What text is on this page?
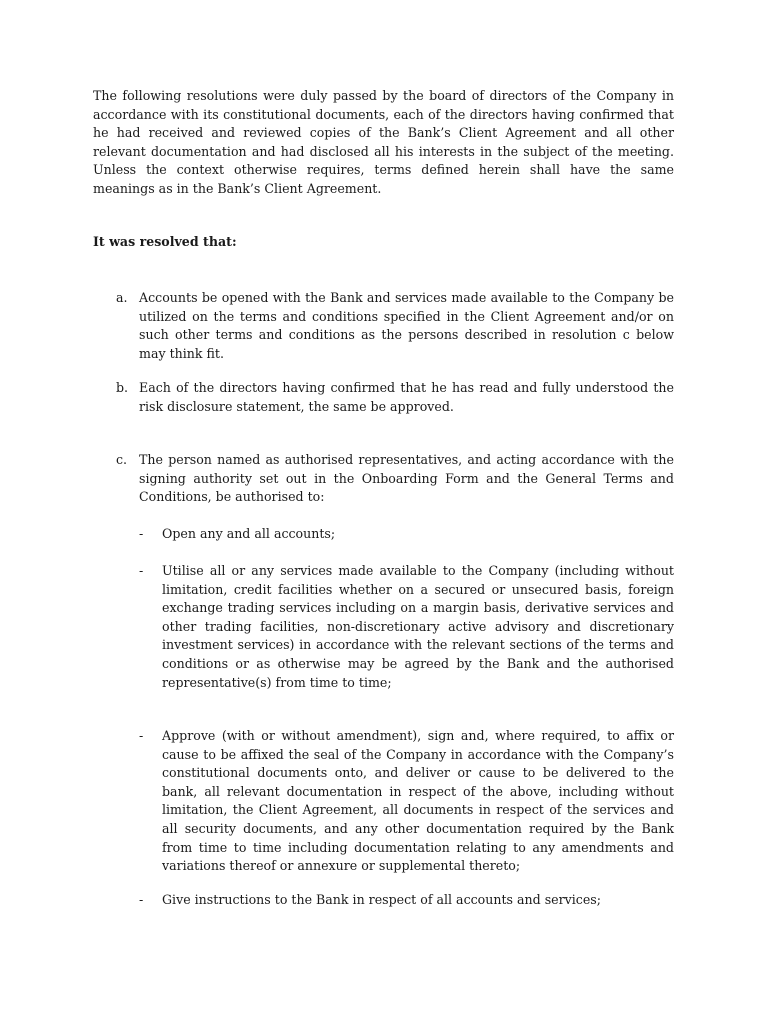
The following resolutions were duly passed by the board of directors of the Company in accordance with its constitutional documents, each of the directors having confirmed that he had received and reviewed copies of the Bank’s Client Agreement and all other relevant documentation and had disclosed all his interests in the subject of the meeting. Unless the context otherwise requires, terms defined herein shall have the same meanings as in the Bank’s Client Agreement.

It was resolved that:

a. Accounts be opened with the Bank and services made available to the Company be utilized on the terms and conditions specified in the Client Agreement and/or on such other terms and conditions as the persons described in resolution c below may think fit.
b. Each of the directors having confirmed that he has read and fully understood the risk disclosure statement, the same be approved.
c. The person named as authorised representatives, and acting accordance with the signing authority set out in the Onboarding Form and the General Terms and Conditions, be authorised to:
- Open any and all accounts;
- Utilise all or any services made available to the Company (including without limitation, credit facilities whether on a secured or unsecured basis, foreign exchange trading services including on a margin basis, derivative services and other trading facilities, non-discretionary active advisory and discretionary investment services) in accordance with the relevant sections of the terms and conditions or as otherwise may be agreed by the Bank and the authorised representative(s) from time to time;
- Approve (with or without amendment), sign and, where required, to affix or cause to be affixed the seal of the Company in accordance with the Company’s constitutional documents onto, and deliver or cause to be delivered to the bank, all relevant documentation in respect of the above, including without limitation, the Client Agreement, all documents in respect of the services and all security documents, and any other documentation required by the Bank from time to time including documentation relating to any amendments and variations thereof or annexure or supplemental thereto;
- Give instructions to the Bank in respect of all accounts and services;
